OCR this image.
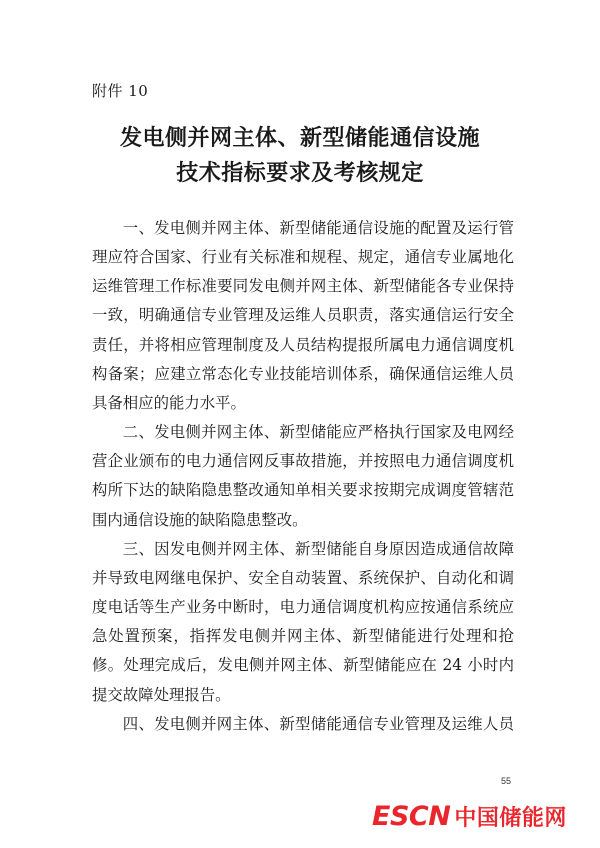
附件 10
发电侧并网主体、新型储能通信设施
技术指标要求及考核规定

一、发电侧并网主体、新型储能通信设施的配置及运行管理应符合国家、行业有关标准和规程、规定，通信专业属地化运维管理工作标准要同发电侧并网主体、新型储能各专业保持一致，明确通信专业管理及运维人员职责，落实通信运行安全责任，并将相应管理制度及人员结构提报所属电力通信调度机构备案；应建立常态化专业技能培训体系，确保通信运维人员具备相应的能力水平。

二、发电侧并网主体、新型储能应严格执行国家及电网经营企业颁布的电力通信网反事故措施，并按照电力通信调度机构所下达的缺陷隐患整改通知单相关要求按期完成调度管辖范围内通信设施的缺陷隐患整改。

三、因发电侧并网主体、新型储能自身原因造成通信故障并导致电网继电保护、安全自动装置、系统保护、自动化和调度电话等生产业务中断时，电力通信调度机构应按通信系统应急处置预案，指挥发电侧并网主体、新型储能进行处理和抢修。处理完成后，发电侧并网主体、新型储能应在 24 小时内提交故障处理报告。

四、发电侧并网主体、新型储能通信专业管理及运维人员

55
ESCN 中国储能网
